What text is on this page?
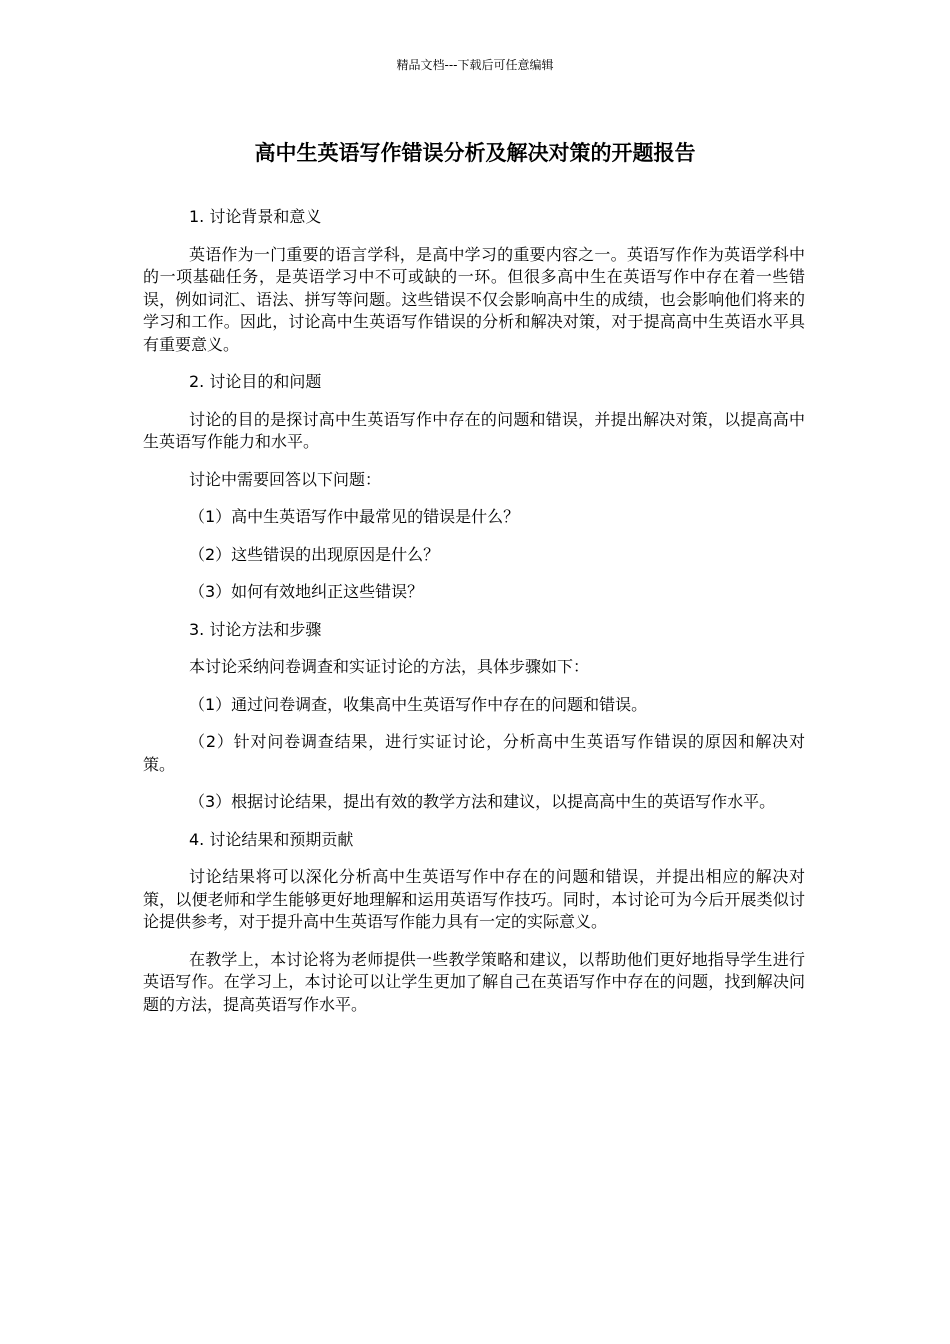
精品文档---下载后可任意编辑
高中生英语写作错误分析及解决对策的开题报告

1. 讨论背景和意义

英语作为一门重要的语言学科，是高中学习的重要内容之一。英语写作作为英语学科中的一项基础任务，是英语学习中不可或缺的一环。但很多高中生在英语写作中存在着一些错误，例如词汇、语法、拼写等问题。这些错误不仅会影响高中生的成绩，也会影响他们将来的学习和工作。因此，讨论高中生英语写作错误的分析和解决对策，对于提高高中生英语水平具有重要意义。

2. 讨论目的和问题

讨论的目的是探讨高中生英语写作中存在的问题和错误，并提出解决对策，以提高高中生英语写作能力和水平。

讨论中需要回答以下问题：

（1）高中生英语写作中最常见的错误是什么？

（2）这些错误的出现原因是什么？

（3）如何有效地纠正这些错误？

3. 讨论方法和步骤

本讨论采纳问卷调查和实证讨论的方法，具体步骤如下：

（1）通过问卷调查，收集高中生英语写作中存在的问题和错误。

（2）针对问卷调查结果，进行实证讨论，分析高中生英语写作错误的原因和解决对策。

（3）根据讨论结果，提出有效的教学方法和建议，以提高高中生的英语写作水平。

4. 讨论结果和预期贡献

讨论结果将可以深化分析高中生英语写作中存在的问题和错误，并提出相应的解决对策，以便老师和学生能够更好地理解和运用英语写作技巧。同时，本讨论可为今后开展类似讨论提供参考，对于提升高中生英语写作能力具有一定的实际意义。

在教学上，本讨论将为老师提供一些教学策略和建议，以帮助他们更好地指导学生进行英语写作。在学习上，本讨论可以让学生更加了解自己在英语写作中存在的问题，找到解决问题的方法，提高英语写作水平。
